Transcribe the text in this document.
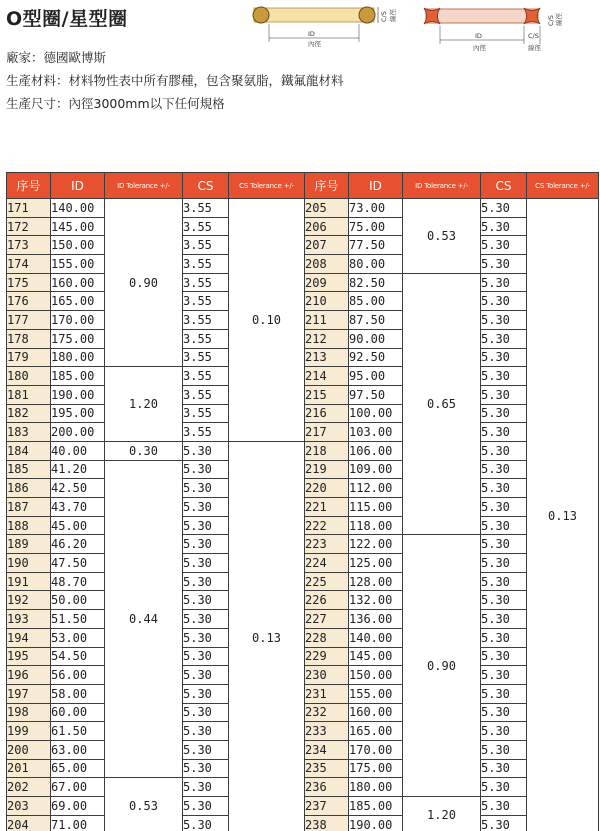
O型圈/星型圈
廠家：德國歐博斯
生產材料：材料物性表中所有膠種，包含聚氨脂，鐵氟龍材料
生產尺寸：內徑3000mm以下任何規格
ID
內徑
C/S 線徑
ID
內徑
C/S
線徑
C/S 線徑
序号	ID	ID Tolerance +/-	CS	CS Tolerance +/-	序号	ID	ID Tolerance +/-	CS	CS Tolerance +/-
171	140.00	0.90	3.55	0.10	205	73.00	0.53	5.30	0.13
172	145.00		3.55		206	75.00		5.30	
173	150.00		3.55		207	77.50		5.30	
174	155.00		3.55		208	80.00		5.30	
175	160.00		3.55		209	82.50	0.65	5.30	
176	165.00		3.55		210	85.00		5.30	
177	170.00		3.55		211	87.50		5.30	
178	175.00		3.55		212	90.00		5.30	
179	180.00		3.55		213	92.50		5.30	
180	185.00	1.20	3.55		214	95.00		5.30	
181	190.00		3.55		215	97.50		5.30	
182	195.00		3.55		216	100.00		5.30	
183	200.00		3.55		217	103.00		5.30	
184	40.00	0.30	5.30	0.13	218	106.00		5.30	
185	41.20	0.44	5.30		219	109.00		5.30	
186	42.50		5.30		220	112.00		5.30	
187	43.70		5.30		221	115.00		5.30	
188	45.00		5.30		222	118.00		5.30	
189	46.20		5.30		223	122.00	0.90	5.30	
190	47.50		5.30		224	125.00		5.30	
191	48.70		5.30		225	128.00		5.30	
192	50.00		5.30		226	132.00		5.30	
193	51.50		5.30		227	136.00		5.30	
194	53.00		5.30		228	140.00		5.30	
195	54.50		5.30		229	145.00		5.30	
196	56.00		5.30		230	150.00		5.30	
197	58.00		5.30		231	155.00		5.30	
198	60.00		5.30		232	160.00		5.30	
199	61.50		5.30		233	165.00		5.30	
200	63.00		5.30		234	170.00		5.30	
201	65.00		5.30		235	175.00		5.30	
202	67.00	0.53	5.30		236	180.00		5.30	
203	69.00		5.30		237	185.00	1.20	5.30	
204	71.00		5.30		238	190.00		5.30	
